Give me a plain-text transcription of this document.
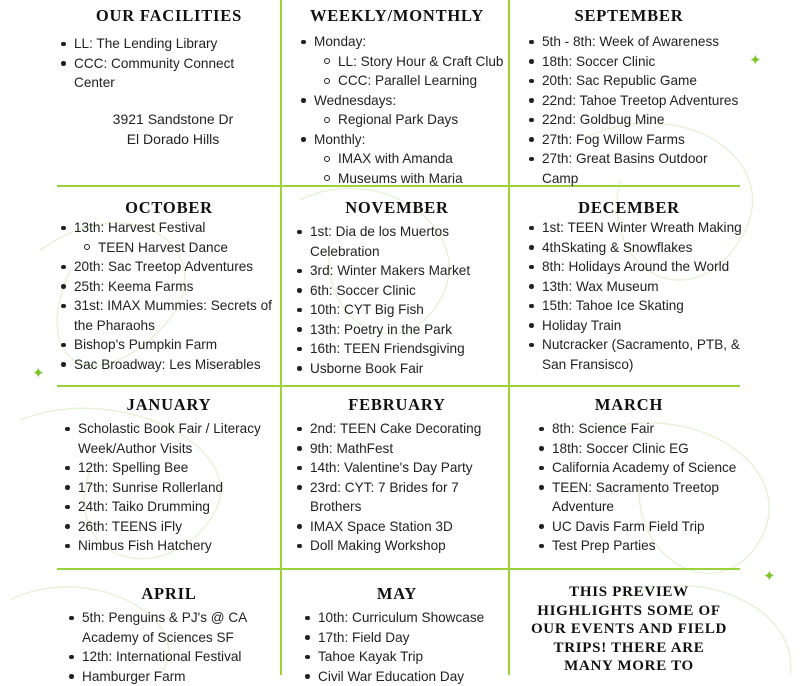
OUR FACILITIES
LL: The Lending Library
CCC: Community Connect Center
3921 Sandstone Dr
El Dorado Hills
WEEKLY/MONTHLY
Monday:
LL: Story Hour & Craft Club
CCC: Parallel Learning
Wednesdays:
Regional Park Days
Monthly:
IMAX with Amanda
Museums with Maria
SEPTEMBER
5th - 8th: Week of Awareness
18th: Soccer Clinic
20th: Sac Republic Game
22nd: Tahoe Treetop Adventures
22nd: Goldbug Mine
27th: Fog Willow Farms
27th: Great Basins Outdoor Camp
OCTOBER
13th: Harvest Festival
TEEN Harvest Dance
20th: Sac Treetop Adventures
25th: Keema Farms
31st: IMAX Mummies: Secrets of the Pharaohs
Bishop's Pumpkin Farm
Sac Broadway: Les Miserables
NOVEMBER
1st: Dia de los Muertos Celebration
3rd: Winter Makers Market
6th: Soccer Clinic
10th: CYT Big Fish
13th: Poetry in the Park
16th: TEEN Friendsgiving
Usborne Book Fair
DECEMBER
1st: TEEN Winter Wreath Making
4thSkating & Snowflakes
8th: Holidays Around the World
13th: Wax Museum
15th: Tahoe Ice Skating
Holiday Train
Nutcracker (Sacramento, PTB, & San Fransisco)
JANUARY
Scholastic Book Fair / Literacy Week/Author Visits
12th: Spelling Bee
17th: Sunrise Rollerland
24th: Taiko Drumming
26th: TEENS iFly
Nimbus Fish Hatchery
FEBRUARY
2nd: TEEN Cake Decorating
9th: MathFest
14th: Valentine's Day Party
23rd: CYT: 7 Brides for 7 Brothers
IMAX Space Station 3D
Doll Making Workshop
MARCH
8th: Science Fair
18th: Soccer Clinic EG
California Academy of Science
TEEN: Sacramento Treetop Adventure
UC Davis Farm Field Trip
Test Prep Parties
APRIL
5th: Penguins & PJ's @ CA Academy of Sciences SF
12th: International Festival
Hamburger Farm
MAY
10th: Curriculum Showcase
17th: Field Day
Tahoe Kayak Trip
Civil War Education Day
THIS PREVIEW
HIGHLIGHTS SOME OF
OUR EVENTS AND FIELD
TRIPS! THERE ARE
MANY MORE TO
✦
✦
✦
